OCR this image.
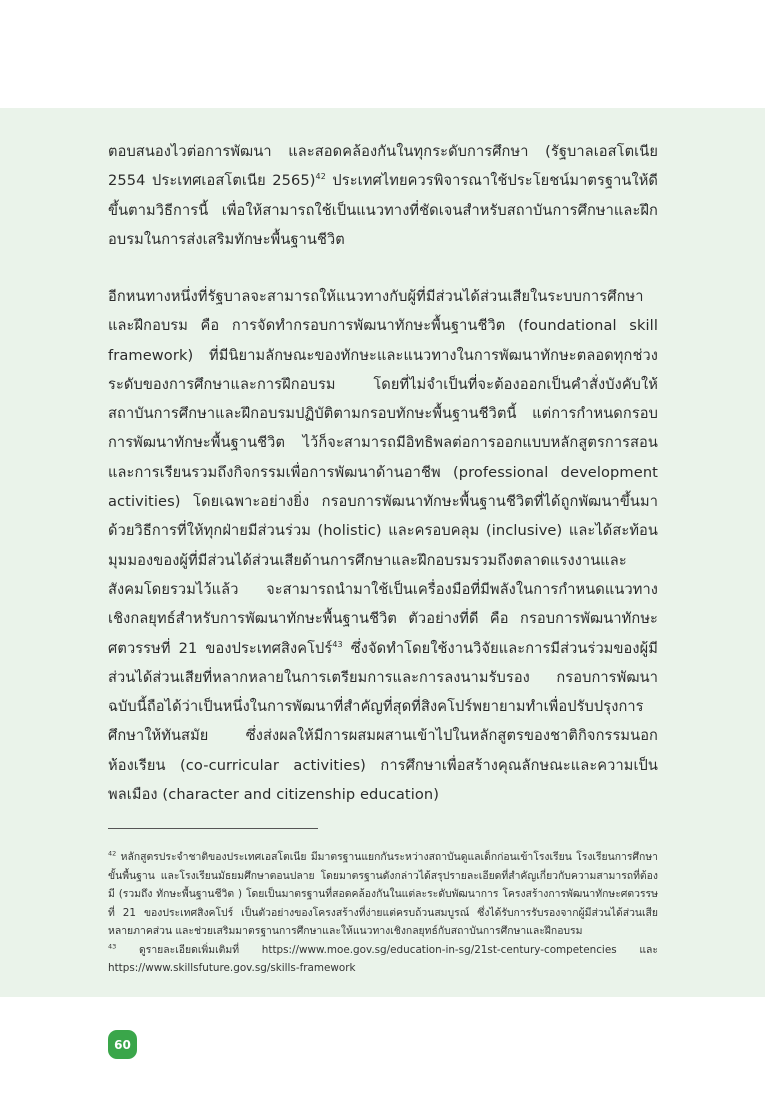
ตอบสนองไวต่อการพัฒนา และสอดคล้องกันในทุกระดับการศึกษา (รัฐบาลเอสโตเนีย 2554 ประเทศเอสโตเนีย 2565)$^{42}$ ประเทศไทยควรพิจารณาใช้ประโยชน์มาตรฐานให้ดีขึ้นตามวิธีการนี้ เพื่อให้สามารถใช้เป็นแนวทางที่ชัดเจนสำหรับสถาบันการศึกษาและฝึกอบรมในการส่งเสริมทักษะพื้นฐานชีวิต

อีกหนทางหนึ่งที่รัฐบาลจะสามารถให้แนวทางกับผู้ที่มีส่วนได้ส่วนเสียในระบบการศึกษาและฝึกอบรม คือ การจัดทำกรอบการพัฒนาทักษะพื้นฐานชีวิต (foundational skill framework) ที่มีนิยามลักษณะของทักษะและแนวทางในการพัฒนาทักษะตลอดทุกช่วงระดับของการศึกษาและการฝึกอบรม โดยที่ไม่จำเป็นที่จะต้องออกเป็นคำสั่งบังคับให้สถาบันการศึกษาและฝึกอบรมปฏิบัติตามกรอบทักษะพื้นฐานชีวิตนี้ แต่การกำหนดกรอบการพัฒนาทักษะพื้นฐานชีวิต ไว้ก็จะสามารถมีอิทธิพลต่อการออกแบบหลักสูตรการสอนและการเรียนรวมถึงกิจกรรมเพื่อการพัฒนาด้านอาชีพ (professional development activities) โดยเฉพาะอย่างยิ่ง กรอบการพัฒนาทักษะพื้นฐานชีวิตที่ได้ถูกพัฒนาขึ้นมาด้วยวิธีการที่ให้ทุกฝ่ายมีส่วนร่วม (holistic) และครอบคลุม (inclusive) และได้สะท้อนมุมมองของผู้ที่มีส่วนได้ส่วนเสียด้านการศึกษาและฝึกอบรมรวมถึงตลาดแรงงานและสังคมโดยรวมไว้แล้ว จะสามารถนำมาใช้เป็นเครื่องมือที่มีพลังในการกำหนดแนวทางเชิงกลยุทธ์สำหรับการพัฒนาทักษะพื้นฐานชีวิต ตัวอย่างที่ดี คือ กรอบการพัฒนาทักษะศตวรรษที่ 21 ของประเทศสิงคโปร์$^{43}$ ซึ่งจัดทำโดยใช้งานวิจัยและการมีส่วนร่วมของผู้มีส่วนได้ส่วนเสียที่หลากหลายในการเตรียมการและการลงนามรับรอง กรอบการพัฒนาฉบับนี้ถือได้ว่าเป็นหนึ่งในการพัฒนาที่สำคัญที่สุดที่สิงคโปร์พยายามทำเพื่อปรับปรุงการศึกษาให้ทันสมัย ซึ่งส่งผลให้มีการผสมผสานเข้าไปในหลักสูตรของชาติกิจกรรมนอกห้องเรียน (co-curricular activities) การศึกษาเพื่อสร้างคุณลักษณะและความเป็นพลเมือง (character and citizenship education)

$^{42}$ หลักสูตรประจำชาติของประเทศเอสโตเนีย มีมาตรฐานแยกกันระหว่างสถาบันดูแลเด็กก่อนเข้าโรงเรียน โรงเรียนการศึกษาขั้นพื้นฐาน และโรงเรียนมัธยมศึกษาตอนปลาย โดยมาตรฐานดังกล่าวได้สรุปรายละเอียดที่สำคัญเกี่ยวกับความสามารถที่ต้องมี (รวมถึง ทักษะพื้นฐานชีวิต ) โดยเป็นมาตรฐานที่สอดคล้องกันในแต่ละระดับพัฒนาการ โครงสร้างการพัฒนาทักษะศตวรรษที่ 21 ของประเทศสิงคโปร์ เป็นตัวอย่างของโครงสร้างที่ง่ายแต่ครบถ้วนสมบูรณ์ ซึ่งได้รับการรับรองจากผู้มีส่วนได้ส่วนเสียหลายภาคส่วน และช่วยเสริมมาตรฐานการศึกษาและให้แนวทางเชิงกลยุทธ์กับสถาบันการศึกษาและฝึกอบรม

$^{43}$ ดูรายละเอียดเพิ่มเติมที่ https://www.moe.gov.sg/education-in-sg/21st-century-competencies และ https://www.skillsfuture.gov.sg/skills-framework

60
